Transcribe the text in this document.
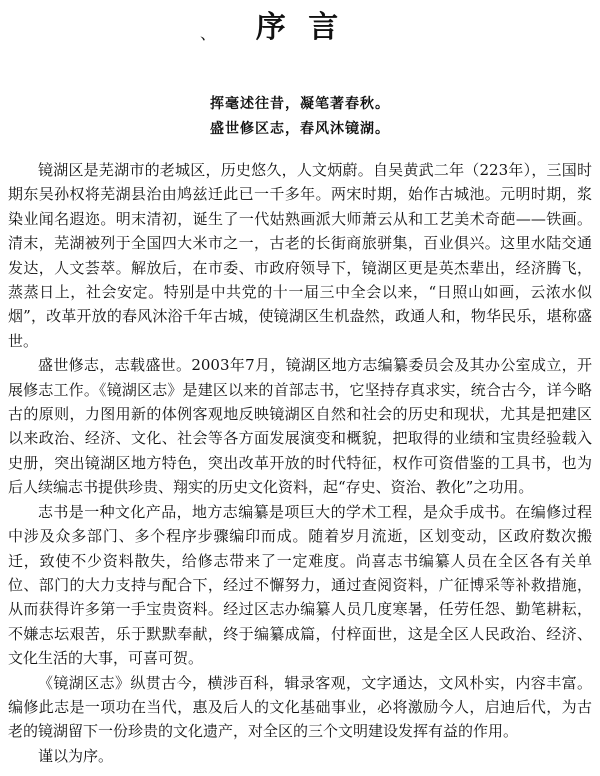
、	序 言
挥毫述往昔，凝笔著春秋。
盛世修区志，春风沐镜湖。

镜湖区是芜湖市的老城区，历史悠久，人文炳蔚。自吴黄武二年（223年），三国时期东吴孙权将芜湖县治由鸠兹迁此已一千多年。两宋时期，始作古城池。元明时期，浆染业闻名遐迩。明末清初，诞生了一代姑熟画派大师萧云从和工艺美术奇葩——铁画。清末，芜湖被列于全国四大米市之一，古老的长街商旅骈集，百业俱兴。这里水陆交通发达，人文荟萃。解放后，在市委、市政府领导下，镜湖区更是英杰辈出，经济腾飞，蒸蒸日上，社会安定。特别是中共党的十一届三中全会以来，“日照山如画，云浓水似烟”，改革开放的春风沐浴千年古城，使镜湖区生机盎然，政通人和，物华民乐，堪称盛世。

盛世修志，志载盛世。2003年7月，镜湖区地方志编纂委员会及其办公室成立，开展修志工作。《镜湖区志》是建区以来的首部志书，它坚持存真求实，统合古今，详今略古的原则，力图用新的体例客观地反映镜湖区自然和社会的历史和现状，尤其是把建区以来政治、经济、文化、社会等各方面发展演变和概貌，把取得的业绩和宝贵经验载入史册，突出镜湖区地方特色，突出改革开放的时代特征，权作可资借鉴的工具书，也为后人续编志书提供珍贵、翔实的历史文化资料，起“存史、资治、教化”之功用。

志书是一种文化产品，地方志编纂是项巨大的学术工程，是众手成书。在编修过程中涉及众多部门、多个程序步骤编印而成。随着岁月流逝，区划变动，区政府数次搬迁，致使不少资料散失，给修志带来了一定难度。尚喜志书编纂人员在全区各有关单位、部门的大力支持与配合下，经过不懈努力，通过查阅资料，广征博采等补救措施，从而获得许多第一手宝贵资料。经过区志办编纂人员几度寒暑，任劳任怨、勤笔耕耘，不嫌志坛艰苦，乐于默默奉献，终于编纂成篇，付梓面世，这是全区人民政治、经济、文化生活的大事，可喜可贺。

《镜湖区志》纵贯古今，横涉百科，辑录客观，文字通达，文风朴实，内容丰富。编修此志是一项功在当代，惠及后人的文化基础事业，必将激励今人，启迪后代，为古老的镜湖留下一份珍贵的文化遗产，对全区的三个文明建设发挥有益的作用。

谨以为序。
